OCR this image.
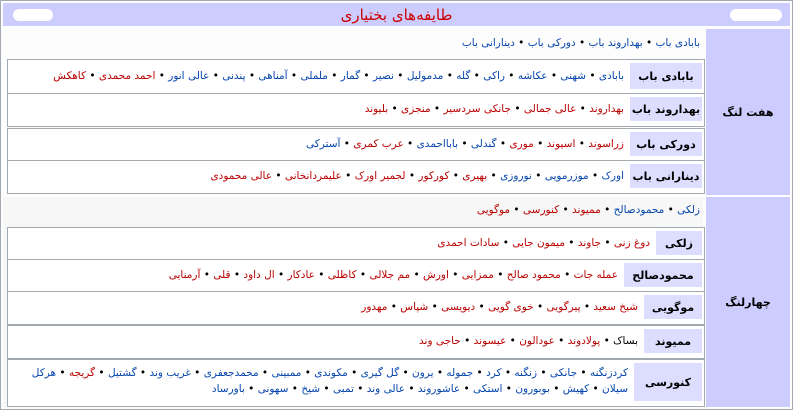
طایفه‌های بختیاری
هفت لنگ
بابادی باب • بهداروند باب • دورکی باب • دینارانی باب
بابادی باب
بابادی • شهنی • عکاشه • راکی • گله • مدمولیل • نصیر • گمار • ململی • آمناهی • پندنی • عالی انور • احمد محمدی • کاهکش
بهداروند باب
بهداروند • عالی جمالی • جانکی سردسیر • منجزی • بلیوند
دورکی باب
زراسوند • اسیوند • موری • گندلی • بابااحمدی • عرب کمری • آسترکی
دینارانی باب
اورک • موزرمویی • نوروزی • بهیری • کورکور • لجمیر اورک • علیمردانخانی • عالی محمودی
چهارلنگ
زلکی • محمودصالح • ممیوند • کنورسی • موگویی
زلکی
دوغ زنی • جاوند • میمون جایی • سادات احمدی
محمودصالح
عمله جات • محمود صالح • ممزایی • اورش • مم جلالی • کاظلی • عادکار • ال داود • قلی • آرمنایی
موگویی
شیخ سعید • پیرگویی • خوی گویی • دیویسی • شپاس • مهدور
ممیوند
بساک • پولادوند • عودالون • عیسوند • حاجی وند
کنورسی
کردزنگنه • جانکی • زنگنه • کرد • جموله • یرون • گل گیری • مکوندی • ممبینی • محمدجعفری • غریب وند • گشتیل • گریجه • هرکل
سیلان • کهیش • بوبورون • استکی • عاشوروند • عالی وند • تمبی • شیخ • سهونی • باورساد
